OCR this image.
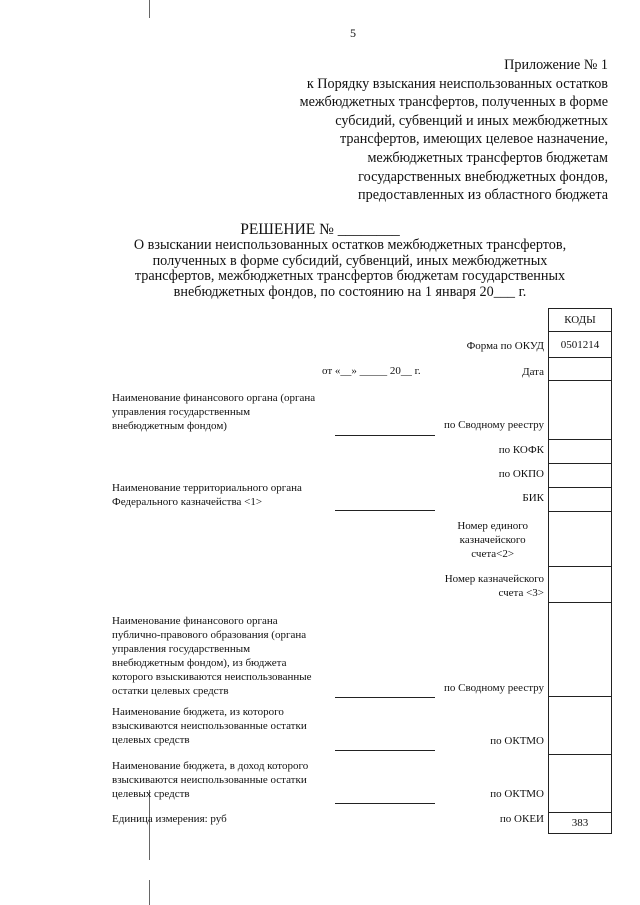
5
Приложение № 1
к Порядку взыскания неиспользованных остатков
межбюджетных трансфертов, полученных в форме
субсидий, субвенций и иных межбюджетных
трансфертов, имеющих целевое назначение,
межбюджетных трансфертов бюджетам
государственных внебюджетных фондов,
предоставленных из областного бюджета
РЕШЕНИЕ № ________
О взыскании неиспользованных остатков межбюджетных трансфертов,
полученных в форме субсидий, субвенций, иных межбюджетных
трансфертов, межбюджетных трансфертов бюджетам государственных
внебюджетных фондов, по состоянию на 1 января 20___ г.
КОДЫ
0501214
383
Форма по ОКУД
от «__» _____ 20__ г.	Дата
по Сводному реестру
по КОФК
по ОКПО
БИК
Номер единого
казначейского
счета<2>
Номер казначейского
счета <3>
по Сводному реестру
по ОКТМО
по ОКТМО
по ОКЕИ
Наименование финансового органа (органа
управления государственным
внебюджетным фондом)
Наименование территориального органа
Федерального казначейства <1>
Наименование финансового органа
публично-правового образования (органа
управления государственным
внебюджетным фондом), из бюджета
которого взыскиваются неиспользованные
остатки целевых средств
Наименование бюджета, из которого
взыскиваются неиспользованные остатки
целевых средств
Наименование бюджета, в доход которого
взыскиваются неиспользованные остатки
целевых средств
Единица измерения: руб
